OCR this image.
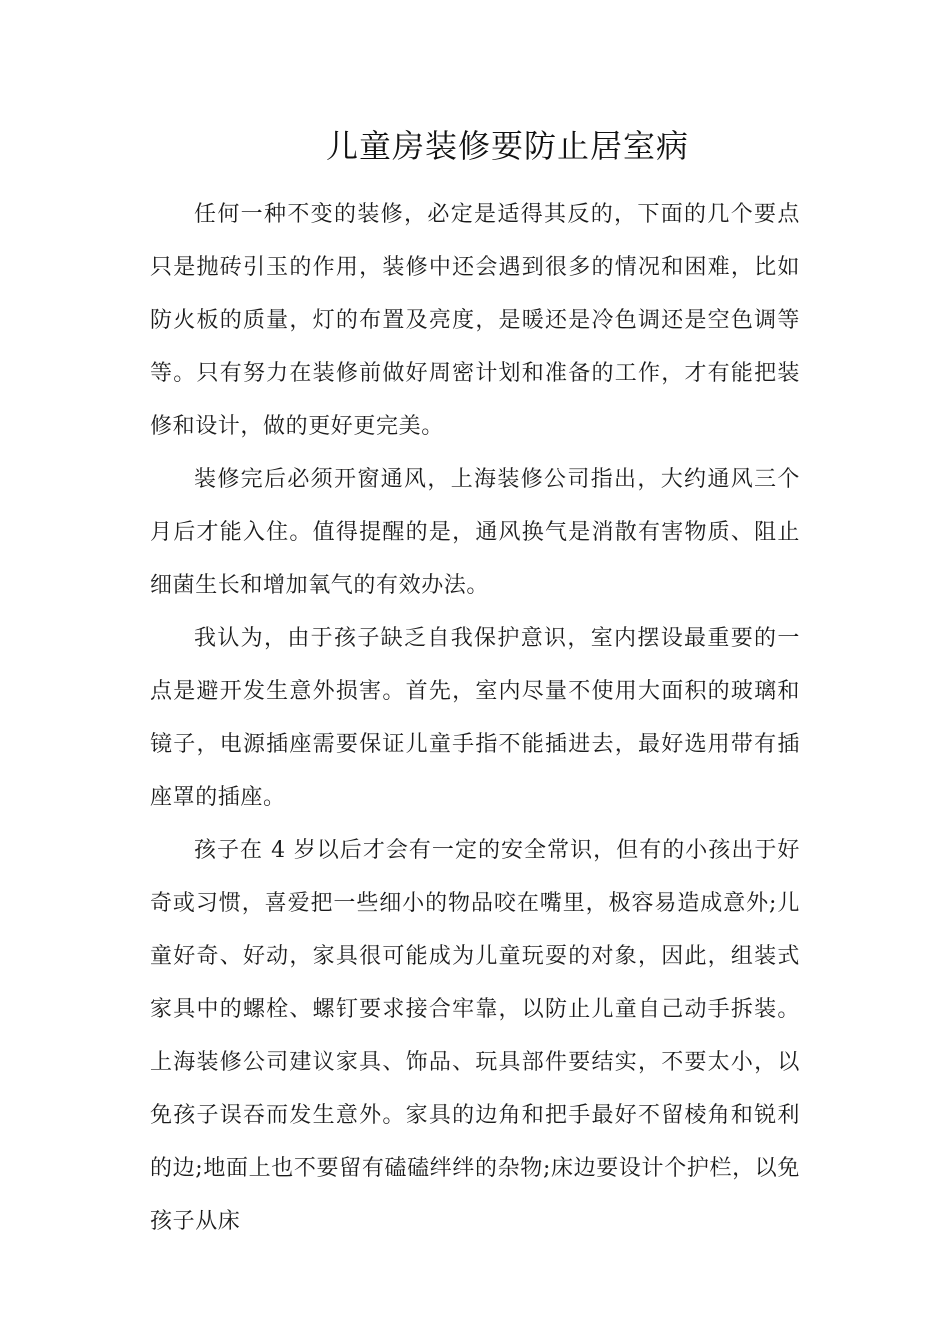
儿童房装修要防止居室病

任何一种不变的装修，必定是适得其反的，下面的几个要点只是抛砖引玉的作用，装修中还会遇到很多的情况和困难，比如防火板的质量，灯的布置及亮度，是暖还是冷色调还是空色调等等。只有努力在装修前做好周密计划和准备的工作，才有能把装修和设计，做的更好更完美。

装修完后必须开窗通风，上海装修公司指出，大约通风三个月后才能入住。值得提醒的是，通风换气是消散有害物质、阻止细菌生长和增加氧气的有效办法。

我认为，由于孩子缺乏自我保护意识，室内摆设最重要的一点是避开发生意外损害。首先，室内尽量不使用大面积的玻璃和镜子，电源插座需要保证儿童手指不能插进去，最好选用带有插座罩的插座。

孩子在 4 岁以后才会有一定的安全常识，但有的小孩出于好奇或习惯，喜爱把一些细小的物品咬在嘴里，极容易造成意外;儿童好奇、好动，家具很可能成为儿童玩耍的对象，因此，组装式家具中的螺栓、螺钉要求接合牢靠，以防止儿童自己动手拆装。上海装修公司建议家具、饰品、玩具部件要结实，不要太小，以免孩子误吞而发生意外。家具的边角和把手最好不留棱角和锐利的边;地面上也不要留有磕磕绊绊的杂物;床边要设计个护栏，以免孩子从床
